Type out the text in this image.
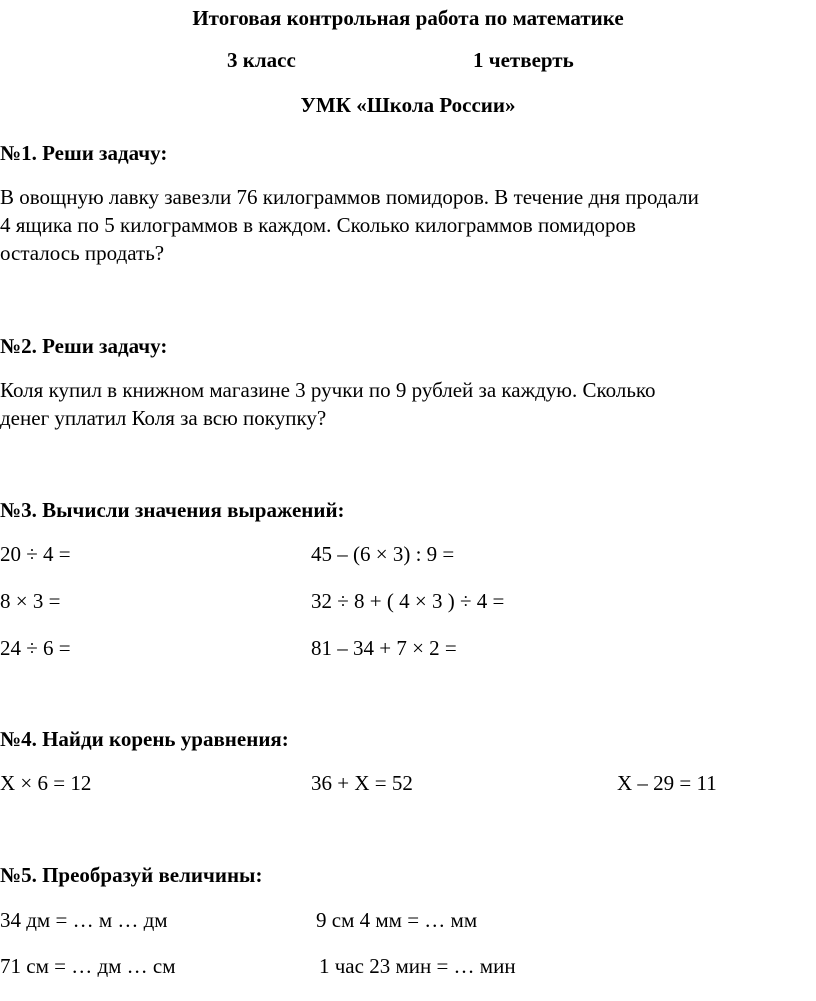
Итоговая контрольная работа по математике
3 класс	1 четверть
УМК «Школа России»
№1. Реши задачу:
В овощную лавку завезли 76 килограммов помидоров. В течение дня продали
4 ящика по 5 килограммов в каждом. Сколько килограммов помидоров
осталось продать?
№2. Реши задачу:
Коля купил в книжном магазине 3 ручки по 9 рублей за каждую. Сколько
денег уплатил Коля за всю покупку?
№3. Вычисли значения выражений:
20 ÷ 4 =	45 – (6 × 3) : 9 =
8 × 3 =	32 ÷ 8 + ( 4 × 3 ) ÷ 4 =
24 ÷ 6 =	81 – 34 + 7 × 2 =
№4. Найди корень уравнения:
Х × 6 = 12	36 + Х = 52	Х – 29 = 11
№5. Преобразуй величины:
34 дм = … м … дм	9 см 4 мм = … мм
71 см = … дм … см	1 час 23 мин = … мин
